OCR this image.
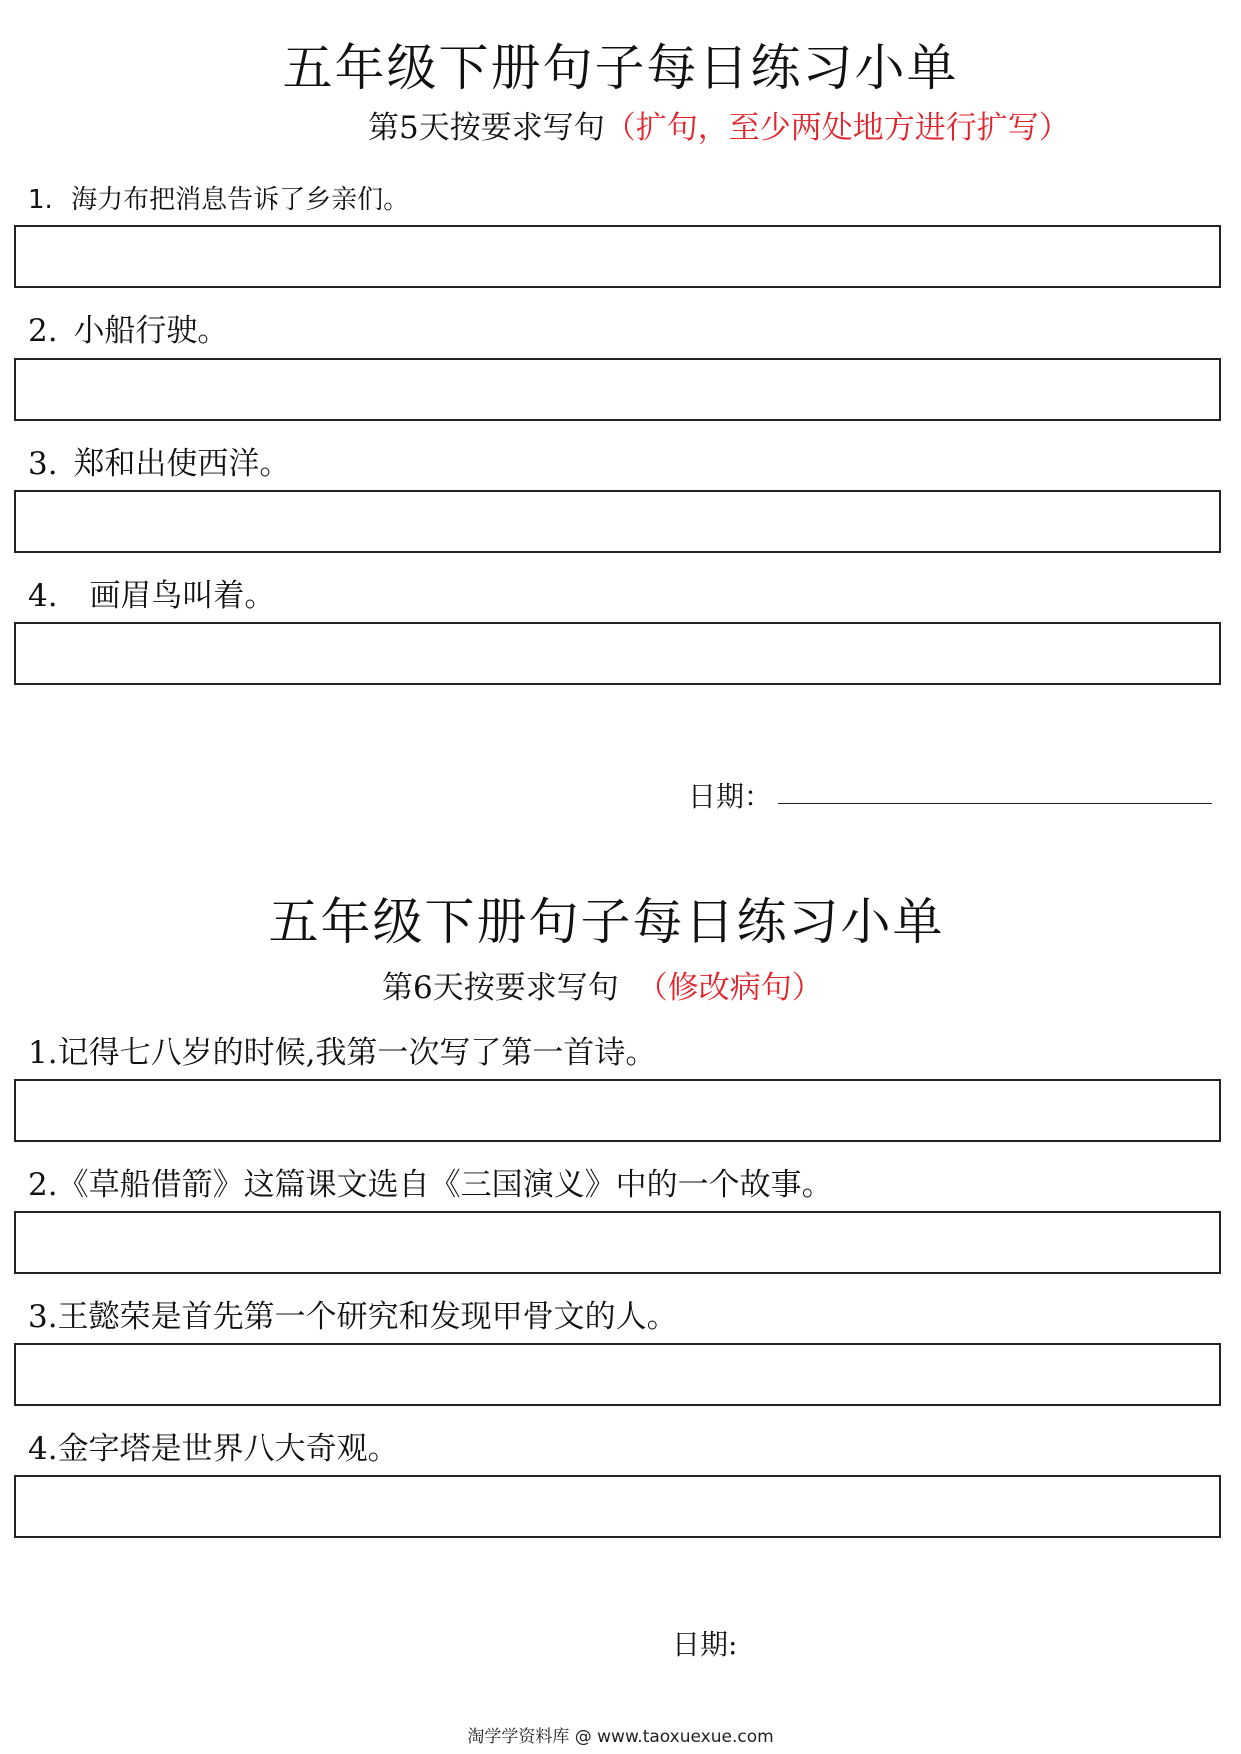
五年级下册句子每日练习小单
第5天按要求写句（扩句，至少两处地方进行扩写）
1. 海力布把消息告诉了乡亲们。
2. 小船行驶。
3. 郑和出使西洋。
4. 画眉鸟叫着。
日期：
五年级下册句子每日练习小单
第6天按要求写句 （修改病句）
1.记得七八岁的时候,我第一次写了第一首诗。
2.《草船借箭》这篇课文选自《三国演义》中的一个故事。
3.王懿荣是首先第一个研究和发现甲骨文的人。
4.金字塔是世界八大奇观。
日期:
淘学学资料库 @ www.taoxuexue.com
